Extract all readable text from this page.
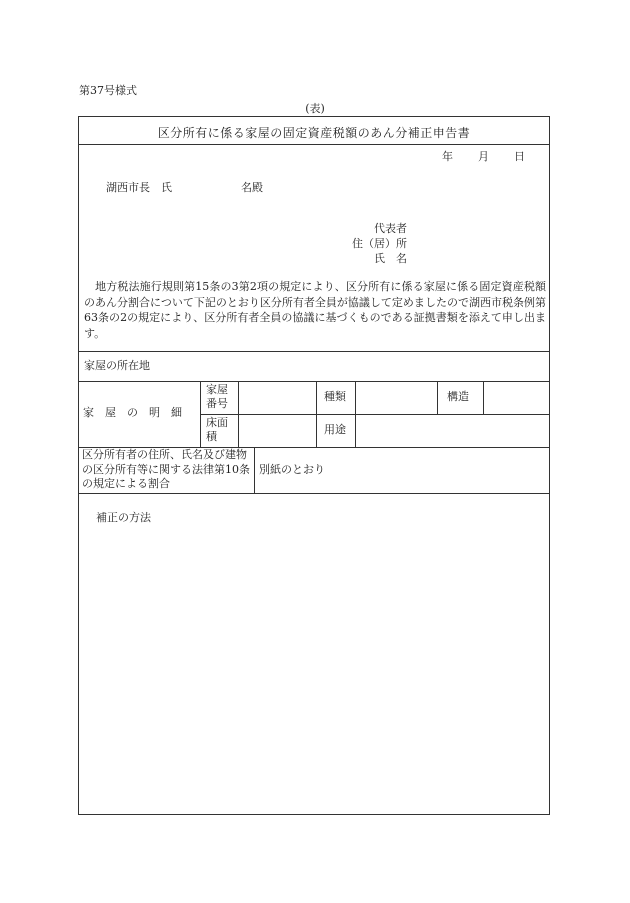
第37号様式
(表)
区分所有に係る家屋の固定資産税額のあん分補正申告書
年 月 日
湖西市長　氏	名殿
代表者
住（居）所
氏　名
　地方税法施行規則第15条の3第2項の規定により、区分所有に係る家屋に係る固定資産税額のあん分割合について下記のとおり区分所有者全員が協議して定めましたので湖西市税条例第63条の2の規定により、区分所有者全員の協議に基づくものである証拠書類を添えて申し出ます。
家屋の所在地
家　屋　の　明　細
家屋番号
種類	構造
床面積
用途
区分所有者の住所、氏名及び建物の区分所有等に関する法律第10条の規定による割合
別紙のとおり
補正の方法
